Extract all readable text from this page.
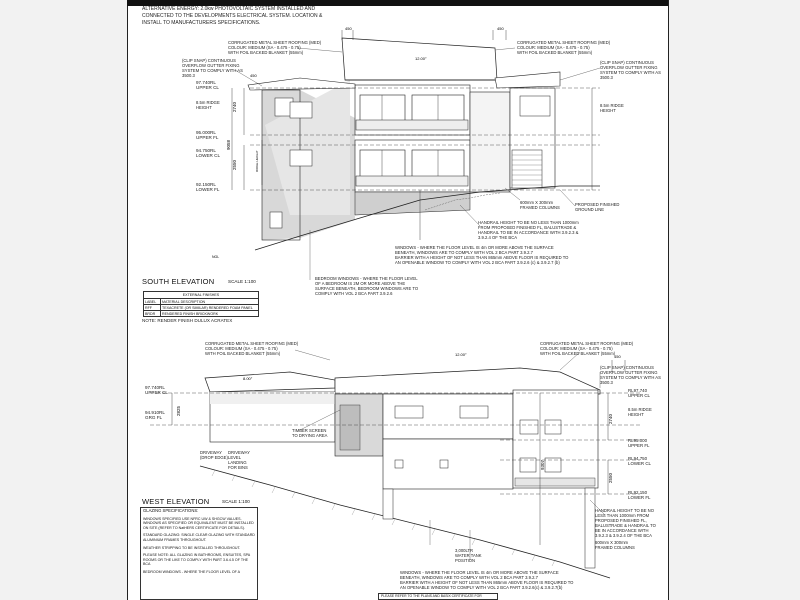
ALTERNATIVE ENERGY: 2.0kw PHOTOVOLTAIC SYSTEM INSTALLED AND CONNECTED TO THE DEVELOPMENTS ELECTRICAL SYSTEM. LOCATION & INSTALL TO MANUFACTURERS SPECIFICATIONS.
450	450
450
12.00°
2740
2550
9058
RIDGE HEIGHT
NGL
CORRUGATED METAL SHEET ROOFING (MED)
COLOUR: MEDIUM (SA - 0.475 - 0.75)
WITH FOIL BACKED BLANKET (55mm)
CORRUGATED METAL SHEET ROOFING (MED)
COLOUR: MEDIUM (SA - 0.475 - 0.75)
WITH FOIL BACKED BLANKET (55mm)
(CLIP SNAP) CONTINUOUS
OVERFLOW GUTTER FIXING
SYSTEM TO COMPLY WITH AS
3500.3
(CLIP SNAP) CONTINUOUS
OVERFLOW GUTTER FIXING
SYSTEM TO COMPLY WITH AS
3500.3
97.740RL
UPPER CL
8.5m RIDGE HEIGHT	8.5m RIDGE HEIGHT
95.000RL
UPPER FL
94.750RL
LOWER CL
92.150RL
LOWER FL
600mm X 300mm
FRAMED COLUMNS
PROPOSED FINISHED
GROUND LINE
HANDRAIL HEIGHT TO BE NO LESS THAN 1000mm
FROM PROPOSED FINISHED FL, BALUSTRADE &
HANDRAIL TO BE IN ACCORDANCE WITH 3.9.2.3 &
3.9.2.4 OF THE BCA
WINDOWS - WHERE THE FLOOR LEVEL IS 4m OR MORE ABOVE THE SURFACE
BENEATH, WINDOWS ARE TO COMPLY WITH VOL 2 BCA PART 3.9.2.7
BARRIER WITH A HEIGHT OF NOT LESS THAN 865mm ABOVE FLOOR IS REQUIRED TO
AN OPENABLE WINDOW TO COMPLY WITH VOL 2 BCA PART 3.9.2.6 (c) & 3.9.2.7 (b)
BEDROOM WINDOWS - WHERE THE FLOOR LEVEL
OF A BEDROOM IS 2M OR MORE ABOVE THE
SURFACE BENEATH, BEDROOM WINDOWS ARE TO
COMPLY WITH VOL 2 BCA PART 3.9.2.6
SOUTH ELEVATION	SCALE 1:100
EXTERNAL FINISHES
LABEL	MATERIAL DESCRIPTION
RFF	TEXACRETE (OR SIMILAR) RENDERED FOAM PANEL
BRDR	RENDERED FINISH BRICKWORK
NOTE: RENDER FINISH DULUX ACRATEX
12.00°
8.00°
2825
2740
9307
2550
450
CORRUGATED METAL SHEET ROOFING (MED)
COLOUR: MEDIUM (SA - 0.475 - 0.75)
WITH FOIL BACKED BLANKET (55mm)
CORRUGATED METAL SHEET ROOFING (MED)
COLOUR: MEDIUM (SA - 0.475 - 0.75)
WITH FOIL BACKED BLANKET (55mm)
(CLIP SNAP) CONTINUOUS
OVERFLOW GUTTER FIXING
SYSTEM TO COMPLY WITH AS
3500.3
97.740RL
UPPER CL
94.910RL
GRG FL
RL97.740
UPPER CL
8.5m RIDGE HEIGHT
RL95.000
UPPER FL
RL94.750
LOWER CL
RL92.150
LOWER FL
TIMBER SCREEN
TO DRYING AREA
DRIVEWAY
(DROP EDGE)
DRIVEWAY
LEVEL
LANDING
FOR BINS
3,000LTR
WATER TANK
POSITION
600mm X 300mm
FRAMED COLUMNS
HANDRAIL HEIGHT TO BE NO
LESS THAN 1000mm FROM
PROPOSED FINISHED FL,
BALUSTRADE & HANDRAIL TO
BE IN ACCORDANCE WITH
3.9.2.3 & 3.9.2.4 OF THE BCA
WINDOWS - WHERE THE FLOOR LEVEL IS 4m OR MORE ABOVE THE SURFACE
BENEATH, WINDOWS ARE TO COMPLY WITH VOL 2 BCA PART 3.9.2.7
BARRIER WITH A HEIGHT OF NOT LESS THAN 865mm ABOVE FLOOR IS REQUIRED TO
AN OPENABLE WINDOW TO COMPLY WITH VOL 2 BCA PART 3.9.2.6(c) & 3.9.2.7(b)
PLEASE REFER TO THE PLANS AND BASIX CERTIFICATE FOR
WEST ELEVATION	SCALE 1:100
GLAZING SPECIFICATIONS:
WINDOWS SPECIFIED USE NFRC UW & SHGCW VALUES. WINDOWS AS SPECIFIED OR EQUIVALENT MUST BE INSTALLED ON SITE (REFER TO NatHERS CERTIFICATE FOR DETAILS).
STANDARD GLAZING: SINGLE CLEAR GLAZING WITH STANDARD ALUMINIUM FRAMES THROUGHOUT.
WEATHER STRIPPING TO BE INSTALLED THROUGHOUT.
PLEASE NOTE: ALL GLAZING IN BATHROOMS, ENSUITES, SPA ROOMS OR THE LIKE TO COMPLY WITH PART 3.6.4.5 OF THE BCA
BEDROOM WINDOWS - WHERE THE FLOOR LEVEL OF A
